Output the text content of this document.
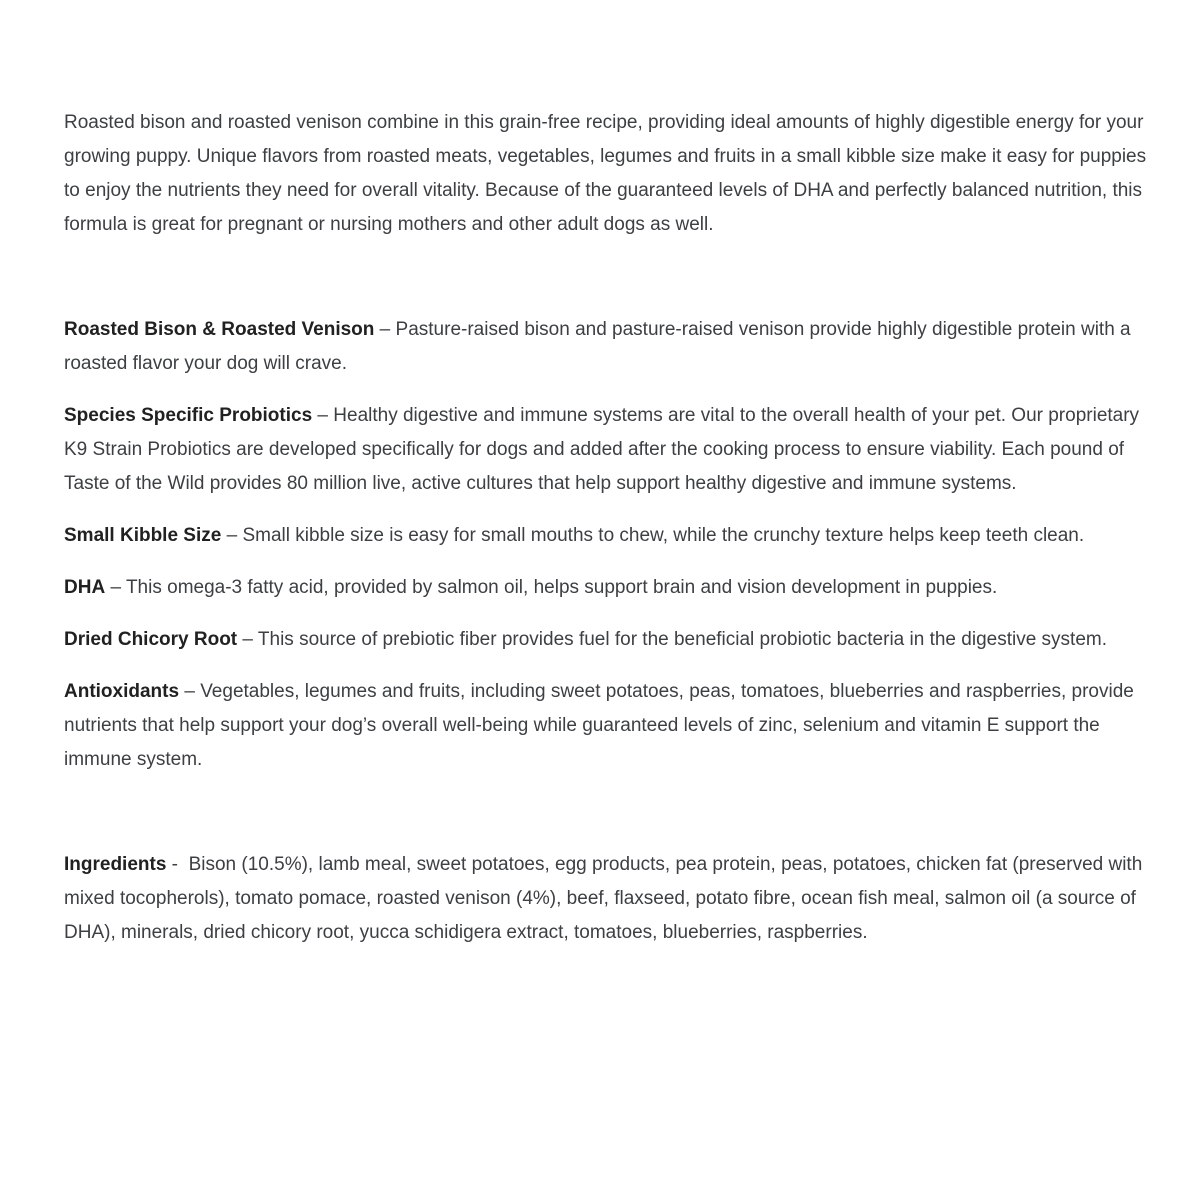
Roasted bison and roasted venison combine in this grain-free recipe, providing ideal amounts of highly digestible energy for your growing puppy. Unique flavors from roasted meats, vegetables, legumes and fruits in a small kibble size make it easy for puppies to enjoy the nutrients they need for overall vitality. Because of the guaranteed levels of DHA and perfectly balanced nutrition, this formula is great for pregnant or nursing mothers and other adult dogs as well.

Roasted Bison & Roasted Venison – Pasture-raised bison and pasture-raised venison provide highly digestible protein with a roasted flavor your dog will crave.

Species Specific Probiotics – Healthy digestive and immune systems are vital to the overall health of your pet. Our proprietary K9 Strain Probiotics are developed specifically for dogs and added after the cooking process to ensure viability. Each pound of Taste of the Wild provides 80 million live, active cultures that help support healthy digestive and immune systems.

Small Kibble Size – Small kibble size is easy for small mouths to chew, while the crunchy texture helps keep teeth clean.

DHA – This omega-3 fatty acid, provided by salmon oil, helps support brain and vision development in puppies.

Dried Chicory Root – This source of prebiotic fiber provides fuel for the beneficial probiotic bacteria in the digestive system.

Antioxidants – Vegetables, legumes and fruits, including sweet potatoes, peas, tomatoes, blueberries and raspberries, provide nutrients that help support your dog’s overall well-being while guaranteed levels of zinc, selenium and vitamin E support the immune system.

Ingredients -  Bison (10.5%), lamb meal, sweet potatoes, egg products, pea protein, peas, potatoes, chicken fat (preserved with mixed tocopherols), tomato pomace, roasted venison (4%), beef, flaxseed, potato fibre, ocean fish meal, salmon oil (a source of DHA), minerals, dried chicory root, yucca schidigera extract, tomatoes, blueberries, raspberries.
